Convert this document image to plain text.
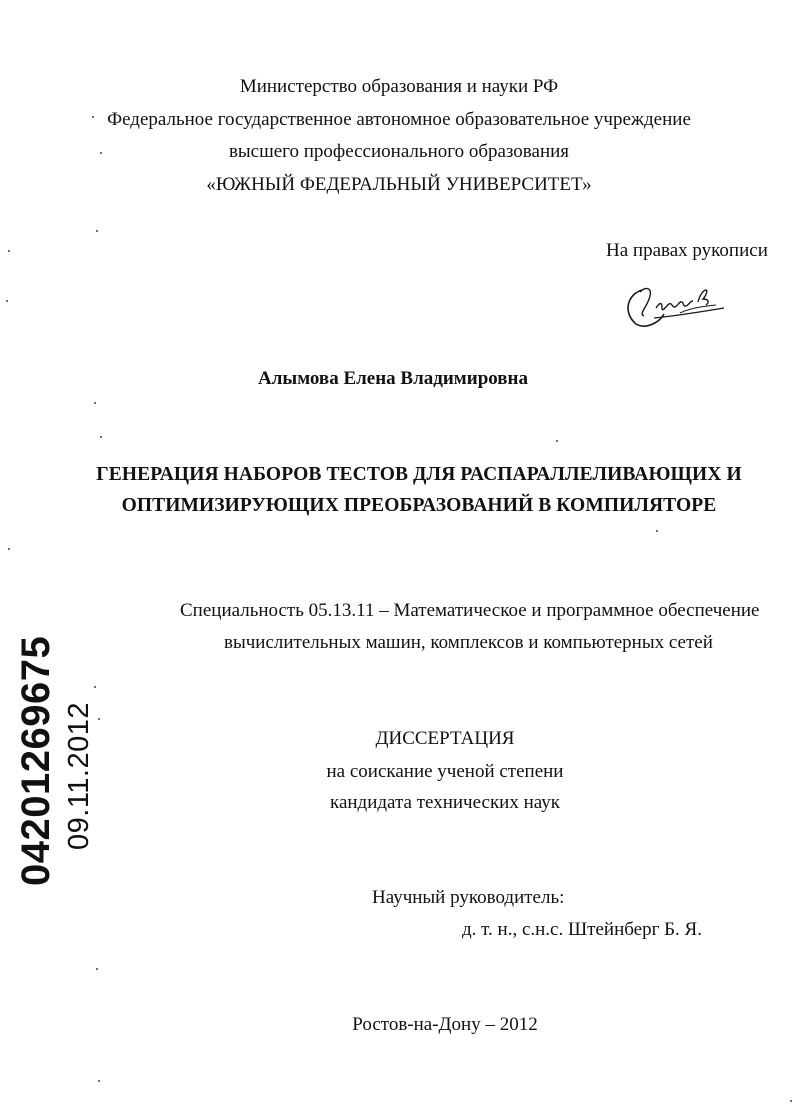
Министерство образования и науки РФ
Федеральное государственное автономное образовательное учреждение
высшего профессионального образования
«ЮЖНЫЙ ФЕДЕРАЛЬНЫЙ УНИВЕРСИТЕТ»
На правах рукописи
Алымова Елена Владимировна
ГЕНЕРАЦИЯ НАБОРОВ ТЕСТОВ ДЛЯ РАСПАРАЛЛЕЛИВАЮЩИХ И
ОПТИМИЗИРУЮЩИХ ПРЕОБРАЗОВАНИЙ В КОМПИЛЯТОРЕ
Специальность 05.13.11 – Математическое и программное обеспечение
вычислительных машин, комплексов и компьютерных сетей
ДИССЕРТАЦИЯ
на соискание ученой степени
кандидата технических наук
Научный руководитель:
д. т. н., с.н.с. Штейнберг Б. Я.
Ростов-на-Дону – 2012
04201269675 09.11.2012
